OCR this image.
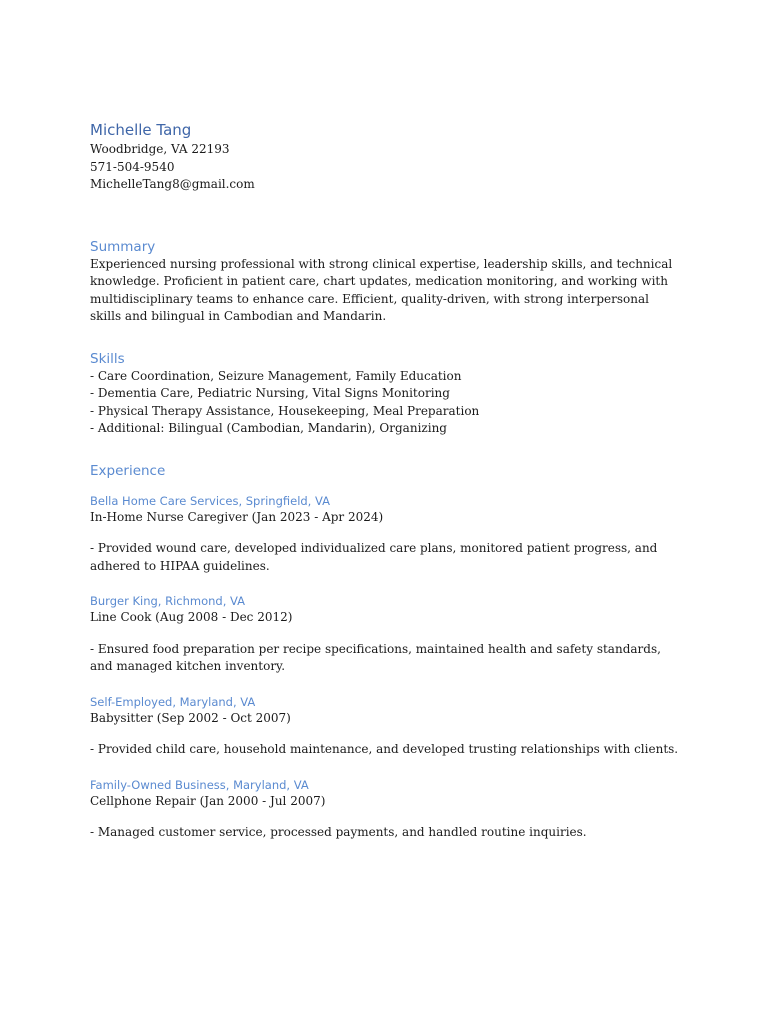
Michelle Tang

Woodbridge, VA 22193

571-504-9540

MichelleTang8@gmail.com

Summary

Experienced nursing professional with strong clinical expertise, leadership skills, and technical knowledge. Proficient in patient care, chart updates, medication monitoring, and working with multidisciplinary teams to enhance care. Efficient, quality-driven, with strong interpersonal skills and bilingual in Cambodian and Mandarin.

Skills

- Care Coordination, Seizure Management, Family Education

- Dementia Care, Pediatric Nursing, Vital Signs Monitoring

- Physical Therapy Assistance, Housekeeping, Meal Preparation

- Additional: Bilingual (Cambodian, Mandarin), Organizing

Experience
Bella Home Care Services, Springfield, VA

In-Home Nurse Caregiver (Jan 2023 - Apr 2024)

- Provided wound care, developed individualized care plans, monitored patient progress, and adhered to HIPAA guidelines.

Burger King, Richmond, VA

Line Cook (Aug 2008 - Dec 2012)

- Ensured food preparation per recipe specifications, maintained health and safety standards, and managed kitchen inventory.

Self-Employed, Maryland, VA

Babysitter (Sep 2002 - Oct 2007)

- Provided child care, household maintenance, and developed trusting relationships with clients.

Family-Owned Business, Maryland, VA

Cellphone Repair (Jan 2000 - Jul 2007)

- Managed customer service, processed payments, and handled routine inquiries.
